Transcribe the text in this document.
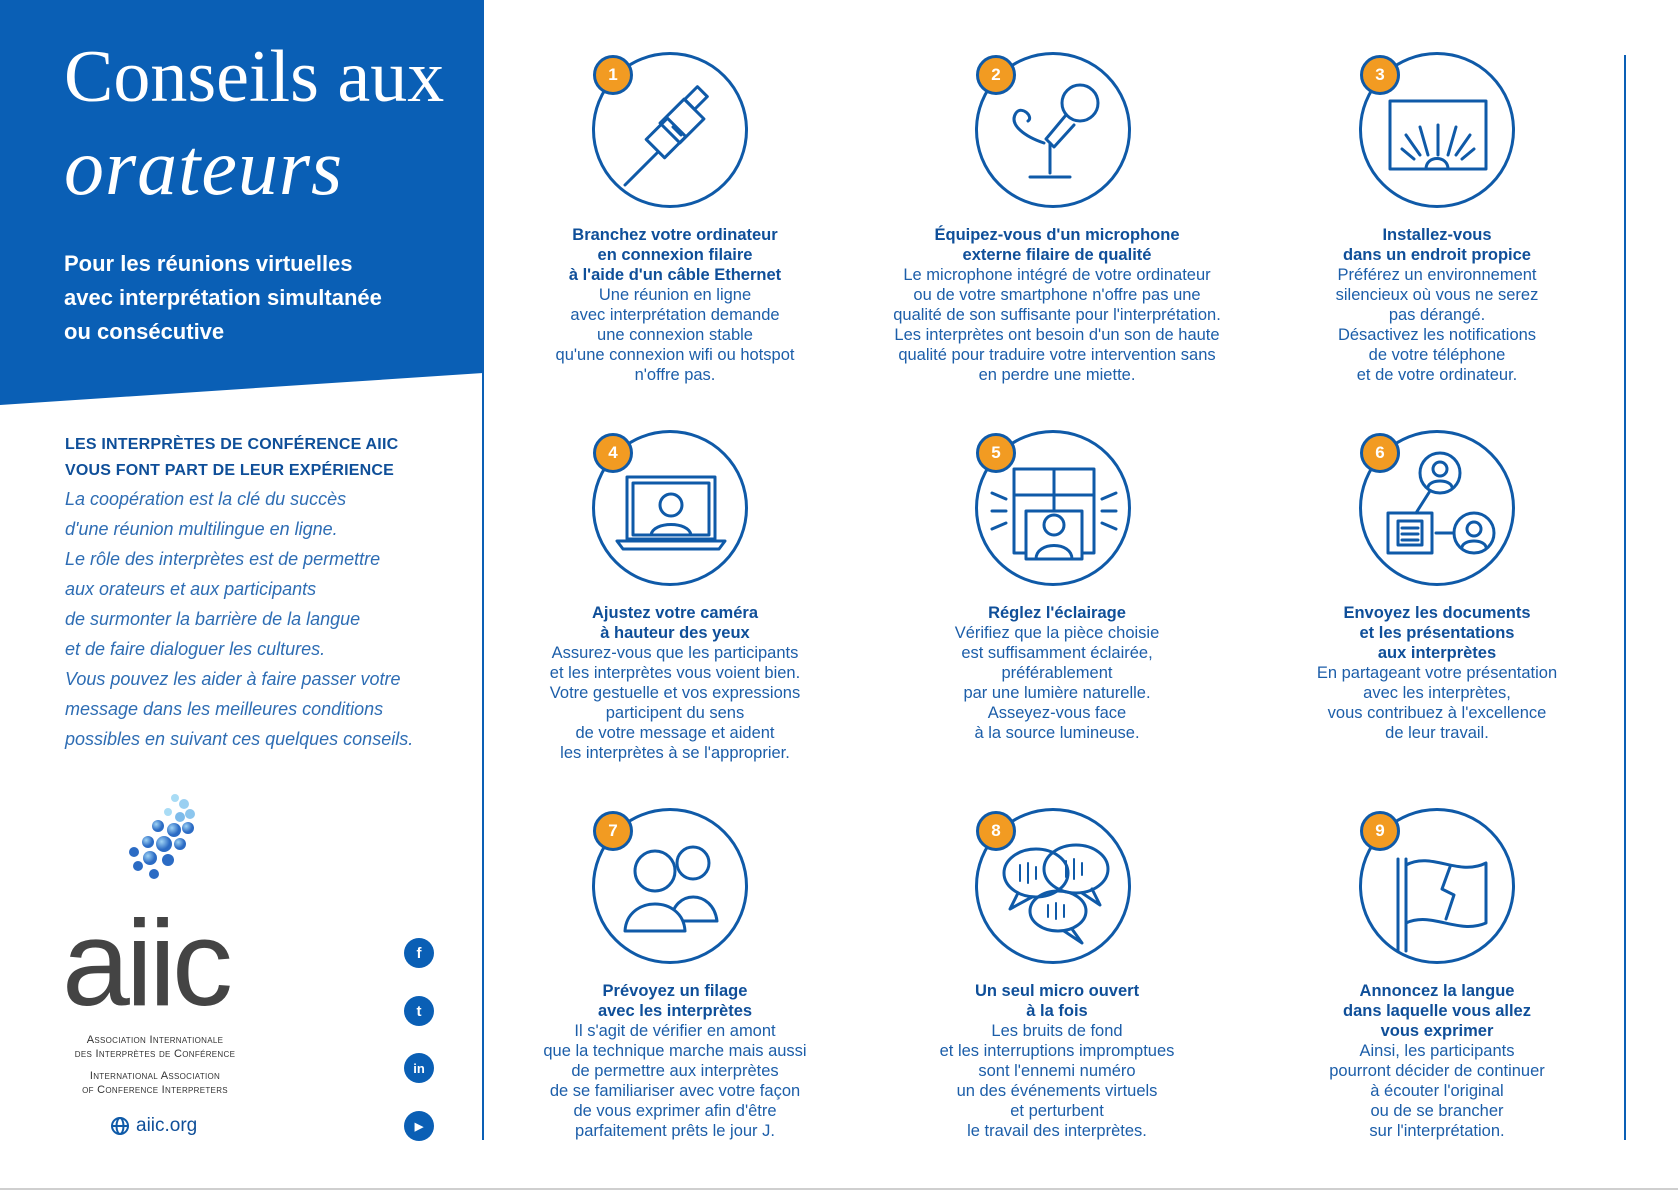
Conseils aux
orateurs
Pour les réunions virtuelles
avec interprétation simultanée
ou consécutive
LES INTERPRÈTES DE CONFÉRENCE AIIC
VOUS FONT PART DE LEUR EXPÉRIENCE
La coopération est la clé du succès
d'une réunion multilingue en ligne.
Le rôle des interprètes est de permettre
aux orateurs et aux participants
de surmonter la barrière de la langue
et de faire dialoguer les cultures.
Vous pouvez les aider à faire passer votre
message dans les meilleures conditions
possibles en suivant ces quelques conseils.
aiic
Association Internationale
des Interprètes de Conférence
International Association
of Conference Interpreters
aiic.org
f
t
in
▶
1
Branchez votre ordinateur
en connexion filaire
à l'aide d'un câble Ethernet
Une réunion en ligne
avec interprétation demande
une connexion stable
qu'une connexion wifi ou hotspot
n'offre pas.
2
Équipez-vous d'un microphone
externe filaire de qualité
Le microphone intégré de votre ordinateur
ou de votre smartphone n'offre pas une
qualité de son suffisante pour l'interprétation.
Les interprètes ont besoin d'un son de haute
qualité pour traduire votre intervention sans
en perdre une miette.
3
Installez-vous
dans un endroit propice
Préférez un environnement
silencieux où vous ne serez
pas dérangé.
Désactivez les notifications
de votre téléphone
et de votre ordinateur.
4
Ajustez votre caméra
à hauteur des yeux
Assurez-vous que les participants
et les interprètes vous voient bien.
Votre gestuelle et vos expressions
participent du sens
de votre message et aident
les interprètes à se l'approprier.
5
Réglez l'éclairage
Vérifiez que la pièce choisie
est suffisamment éclairée,
préférablement
par une lumière naturelle.
Asseyez-vous face
à la source lumineuse.
6
Envoyez les documents
et les présentations
aux interprètes
En partageant votre présentation
avec les interprètes,
vous contribuez à l'excellence
de leur travail.
7
Prévoyez un filage
avec les interprètes
Il s'agit de vérifier en amont
que la technique marche mais aussi
de permettre aux interprètes
de se familiariser avec votre façon
de vous exprimer afin d'être
parfaitement prêts le jour J.
8
Un seul micro ouvert
à la fois
Les bruits de fond
et les interruptions impromptues
sont l'ennemi numéro
un des événements virtuels
et perturbent
le travail des interprètes.
9
Annoncez la langue
dans laquelle vous allez
vous exprimer
Ainsi, les participants
pourront décider de continuer
à écouter l'original
ou de se brancher
sur l'interprétation.
